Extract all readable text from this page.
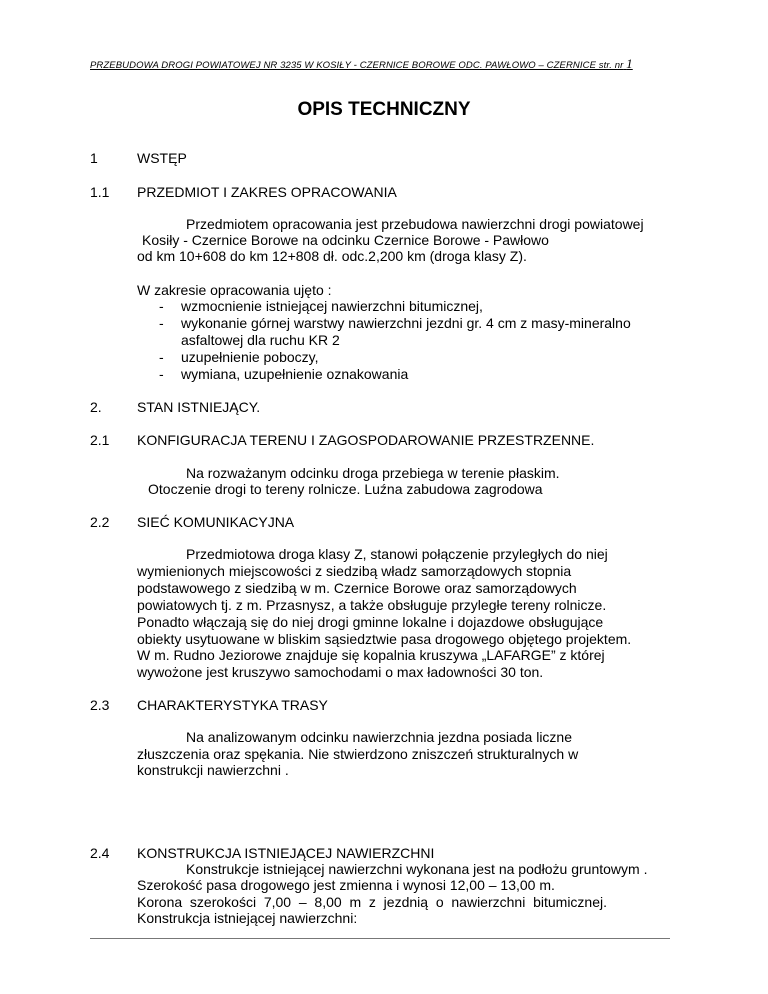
PRZEBUDOWA DROGI POWIATOWEJ NR 3235 W KOSIŁY - CZERNICE BOROWE ODC. PAWŁOWO – CZERNICE str. nr 1
OPIS TECHNICZNY
1	WSTĘP
1.1 PRZEDMIOT I ZAKRES OPRACOWANIA
Przedmiotem opracowania jest przebudowa nawierzchni drogi powiatowej
Kosiły - Czernice Borowe na odcinku Czernice Borowe - Pawłowo
od km 10+608 do km 12+808 dł. odc.2,200 km (droga klasy Z).
W zakresie opracowania ujęto :
- wzmocnienie istniejącej nawierzchni bitumicznej,
- wykonanie górnej warstwy nawierzchni jezdni gr. 4 cm z masy-mineralno
asfaltowej dla ruchu KR 2
- uzupełnienie poboczy,
- wymiana, uzupełnienie oznakowania
2.	STAN ISTNIEJĄCY.
2.1 KONFIGURACJA TERENU I ZAGOSPODAROWANIE PRZESTRZENNE.
Na rozważanym odcinku droga przebiega w terenie płaskim.
Otoczenie drogi to tereny rolnicze. Luźna zabudowa zagrodowa
2.2 SIEĆ KOMUNIKACYJNA
Przedmiotowa droga klasy Z, stanowi połączenie przyległych do niej
wymienionych miejscowości z siedzibą władz samorządowych stopnia
podstawowego z siedzibą w m. Czernice Borowe oraz samorządowych
powiatowych tj. z m. Przasnysz, a także obsługuje przyległe tereny rolnicze.
Ponadto włączają się do niej drogi gminne lokalne i dojazdowe obsługujące
obiekty usytuowane w bliskim sąsiedztwie pasa drogowego objętego projektem.
W m. Rudno Jeziorowe znajduje się kopalnia kruszywa „LAFARGE” z której
wywożone jest kruszywo samochodami o max ładowności 30 ton.
2.3 CHARAKTERYSTYKA TRASY
Na analizowanym odcinku nawierzchnia jezdna posiada liczne
złuszczenia oraz spękania. Nie stwierdzono zniszczeń strukturalnych w
konstrukcji nawierzchni .
2.4 KONSTRUKCJA ISTNIEJĄCEJ NAWIERZCHNI
Konstrukcje istniejącej nawierzchni wykonana jest na podłożu gruntowym .
Szerokość pasa drogowego jest zmienna i wynosi 12,00 – 13,00 m.
Korona  szerokości  7,00  –  8,00  m  z  jezdnią  o  nawierzchni  bitumicznej.
Konstrukcja istniejącej nawierzchni:
